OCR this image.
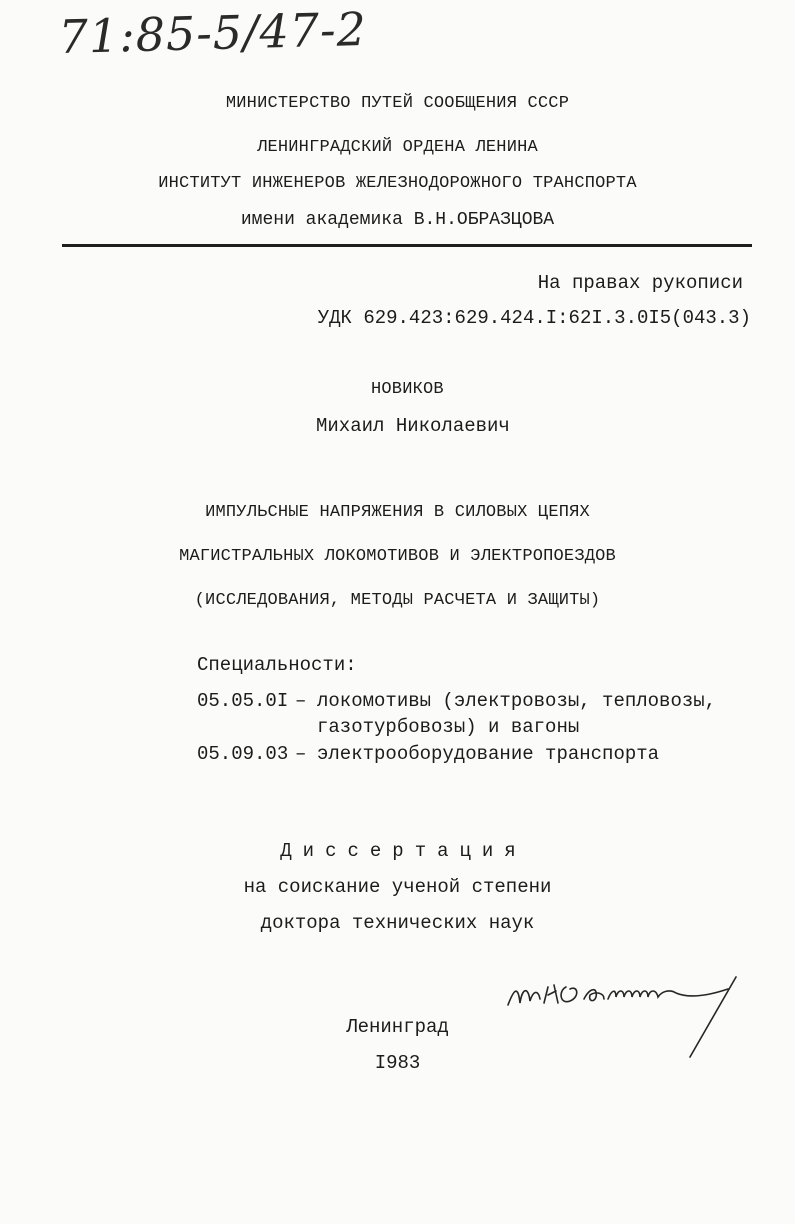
71:85-5/47-2
МИНИСТЕРСТВО ПУТЕЙ СООБЩЕНИЯ СССР
ЛЕНИНГРАДСКИЙ ОРДЕНА ЛЕНИНА
ИНСТИТУТ ИНЖЕНЕРОВ ЖЕЛЕЗНОДОРОЖНОГО ТРАНСПОРТА
имени академика В.Н.ОБРАЗЦОВА
На правах рукописи
УДК 629.423:629.424.I:62I.3.0I5(043.3)
НОВИКОВ
Михаил Николаевич
ИМПУЛЬСНЫЕ НАПРЯЖЕНИЯ В СИЛОВЫХ ЦЕПЯХ
МАГИСТРАЛЬНЫХ ЛОКОМОТИВОВ И ЭЛЕКТРОПОЕЗДОВ
(ИССЛЕДОВАНИЯ, МЕТОДЫ РАСЧЕТА И ЗАЩИТЫ)
Специальности:
05.05.0I – локомотивы (электровозы, тепловозы,
газотурбовозы) и вагоны
05.09.03 – электрооборудование транспорта
Диссертация
на соискание ученой степени
доктора технических наук
Ленинград
I983
